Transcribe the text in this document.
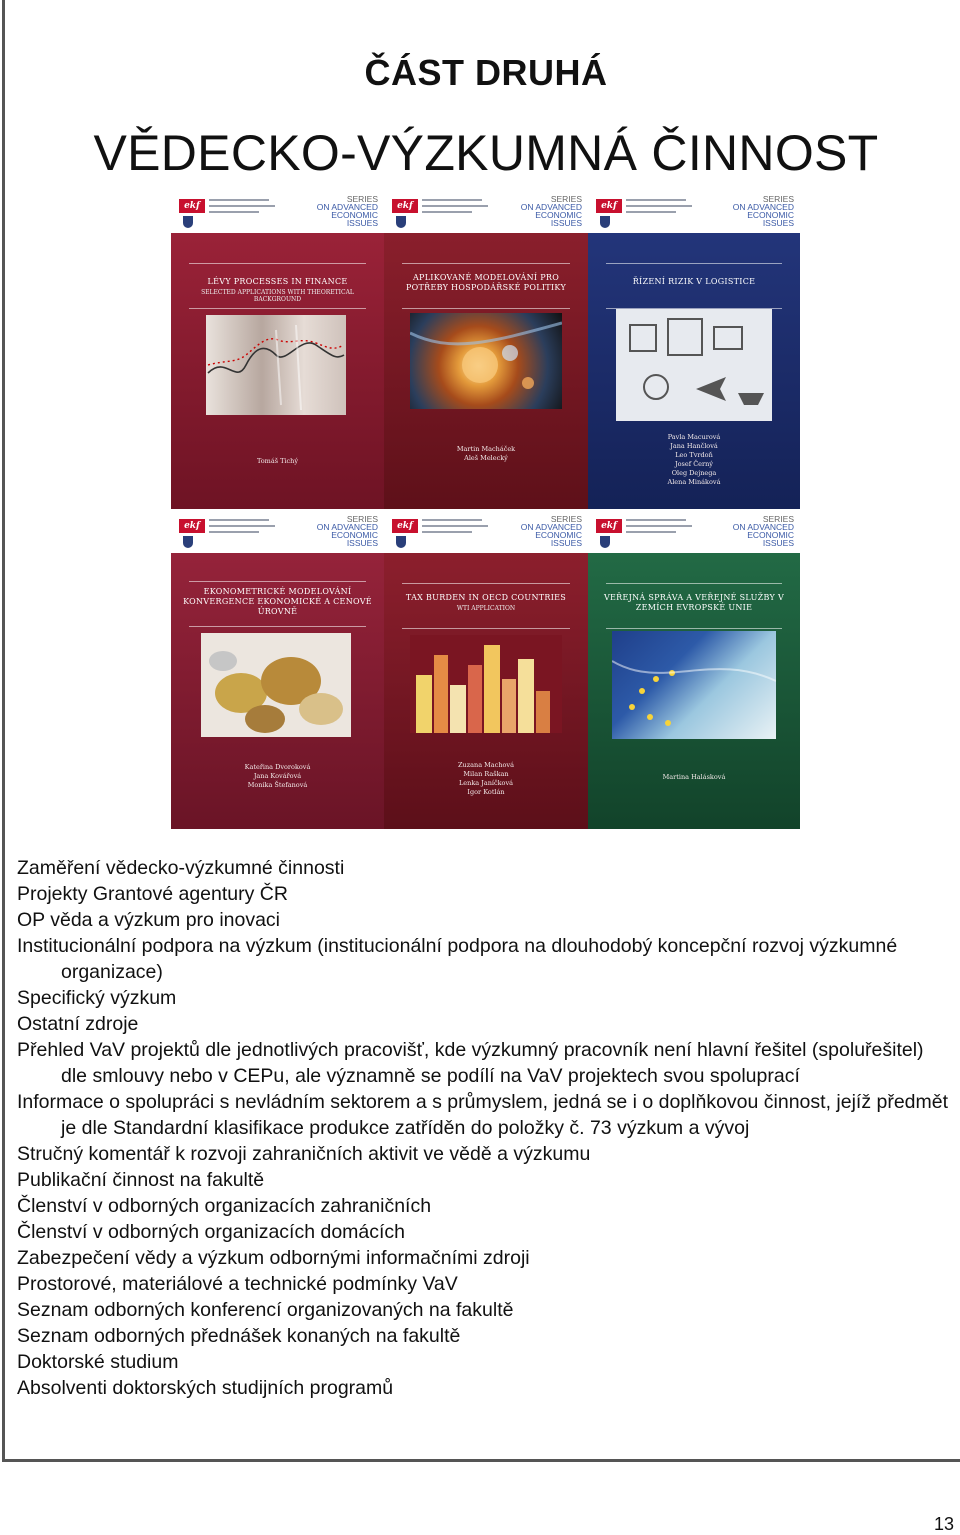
ČÁST DRUHÁ
VĚDECKO-VÝZKUMNÁ ČINNOST
ekf
SERIES
ON ADVANCED
ECONOMIC
ISSUES
LÉVY PROCESSES IN FINANCE
SELECTED APPLICATIONS WITH THEORETICAL BACKGROUND
Tomáš Tichý
ekf
SERIES
ON ADVANCED
ECONOMIC
ISSUES
APLIKOVANÉ MODELOVÁNÍ PRO POTŘEBY HOSPODÁŘSKÉ POLITIKY
Martin Macháček
Aleš Melecký
ekf
SERIES
ON ADVANCED
ECONOMIC
ISSUES
ŘÍZENÍ RIZIK V LOGISTICE
Pavla Macurová
Jana Hančlová
Leo Tvrdoň
Josef Černý
Oleg Dejnega
Alena Mináková
ekf
SERIES
ON ADVANCED
ECONOMIC
ISSUES
EKONOMETRICKÉ MODELOVÁNÍ KONVERGENCE EKONOMICKÉ A CENOVÉ ÚROVNĚ
Kateřina Dvoroková
Jana Kovářová
Monika Štefanová
ekf
SERIES
ON ADVANCED
ECONOMIC
ISSUES
TAX BURDEN IN OECD COUNTRIES
WTI APPLICATION
Zuzana Machová
Milan Raškan
Lenka Janíčková
Igor Kotlán
ekf
SERIES
ON ADVANCED
ECONOMIC
ISSUES
VEŘEJNÁ SPRÁVA A VEŘEJNÉ SLUŽBY V ZEMÍCH EVROPSKÉ UNIE
Martina Halásková
Zaměření vědecko-výzkumné činnosti
Projekty Grantové agentury ČR
OP věda a výzkum pro inovaci
Institucionální podpora na výzkum (institucionální podpora na dlouhodobý koncepční rozvoj výzkumné organizace)
Specifický výzkum
Ostatní zdroje
Přehled VaV projektů dle jednotlivých pracovišť, kde výzkumný pracovník není hlavní řešitel (spoluřešitel) dle smlouvy nebo v CEPu, ale významně se podílí na VaV projektech svou spoluprací
Informace o spolupráci s nevládním sektorem a s průmyslem, jedná se i o doplňkovou činnost, jejíž předmět je dle Standardní klasifikace produkce zatříděn do položky č. 73 výzkum a vývoj
Stručný komentář k rozvoji zahraničních aktivit ve vědě a výzkumu
Publikační činnost na fakultě
Členství v odborných organizacích zahraničních
Členství v odborných organizacích domácích
Zabezpečení vědy a výzkum odbornými informačními zdroji
Prostorové, materiálové a technické podmínky VaV
Seznam odborných konferencí organizovaných na fakultě
Seznam odborných přednášek konaných na fakultě
Doktorské studium
Absolventi doktorských studijních programů
13
